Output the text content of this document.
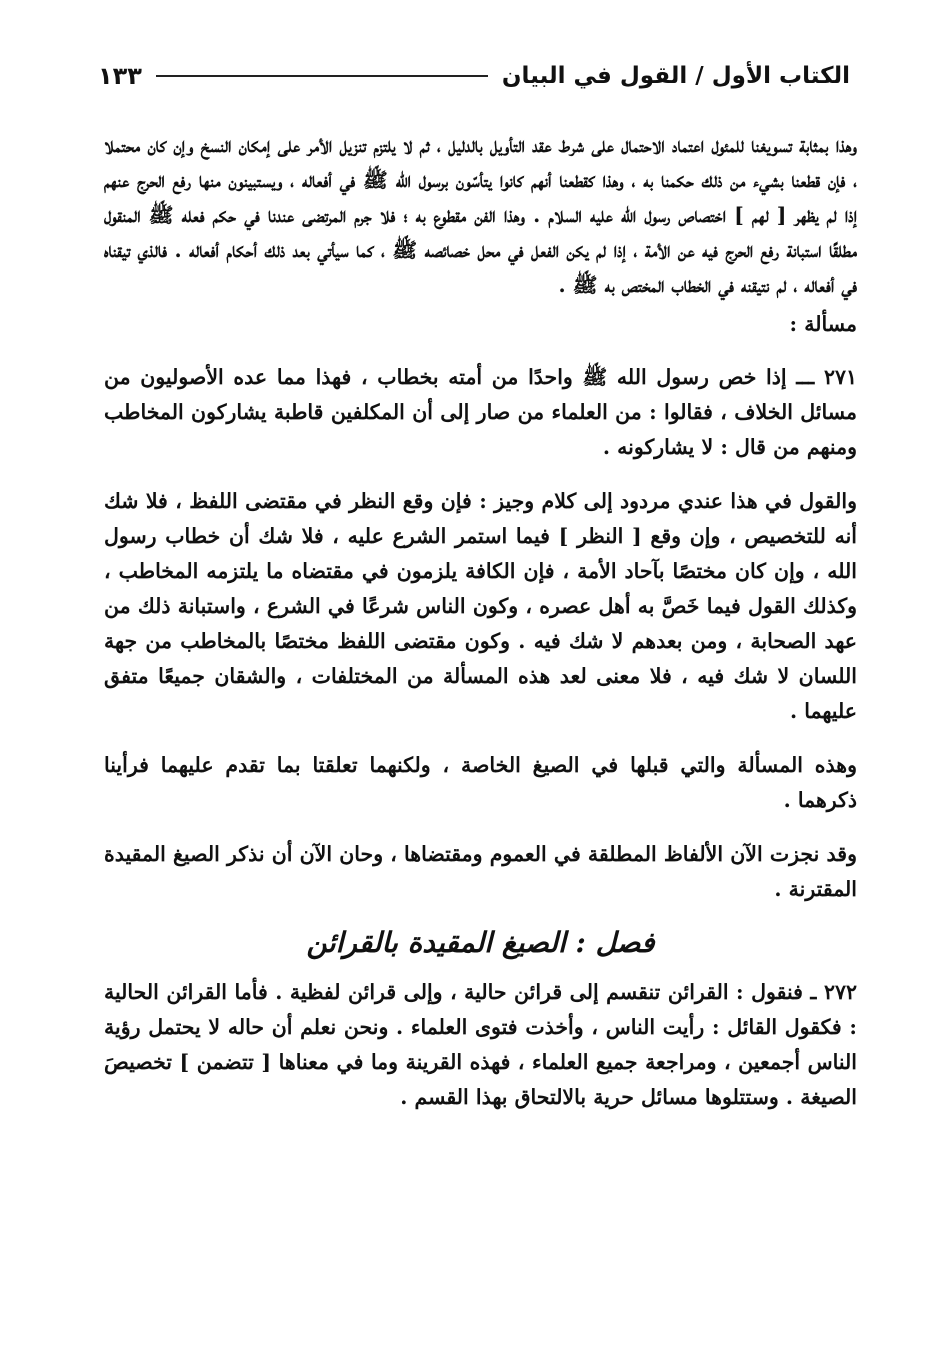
الكتاب الأول / القول في البيان
١٣٣

وهذا بمثابة تسويغنا للمئول اعتماد الاحتمال على شرط عقد التأويل بالدليل ، ثم لا يلتزم تنزيل الأمر على إمكان النسخ وإن كان محتملا ، فإن قطعنا بشيء من ذلك حكمنا به ، وهذا كقطعنا أنهم كانوا يتأسّون برسول الله ﷺ في أفعاله ، ويستبينون منها رفع الحرج عنهم إذا لم يظهر [ لهم ] اختصاص رسول الله عليه السلام . وهذا الفن مقطوع به ؛ فلا جرم المرتضى عندنا في حكم فعله ﷺ المنقول مطلقًا استبانة رفع الحرج فيه عن الأمة ، إذا لم يكن الفعل في محل خصائصه ﷺ ، كما سيأتي بعد ذلك أحكام أفعاله . فالذي تيقناه في أفعاله ، لم نتيقنه في الخطاب المختص به ﷺ .

مسألة :

٢٧١ ـــ إذا خص رسول الله ﷺ واحدًا من أمته بخطاب ، فهذا مما عده الأصوليون من مسائل الخلاف ، فقالوا : من العلماء من صار إلى أن المكلفين قاطبة يشاركون المخاطب ومنهم من قال : لا يشاركونه .

والقول في هذا عندي مردود إلى كلام وجيز : فإن وقع النظر في مقتضى اللفظ ، فلا شك أنه للتخصيص ، وإن وقع [ النظر ] فيما استمر الشرع عليه ، فلا شك أن خطاب رسول الله ، وإن كان مختصًا بآحاد الأمة ، فإن الكافة يلزمون في مقتضاه ما يلتزمه المخاطب ، وكذلك القول فيما خَصَّ به أهل عصره ، وكون الناس شرعًا في الشرع ، واستبانة ذلك من عهد الصحابة ، ومن بعدهم لا شك فيه . وكون مقتضى اللفظ مختصًا بالمخاطب من جهة اللسان لا شك فيه ، فلا معنى لعد هذه المسألة من المختلفات ، والشقان جميعًا متفق عليهما .

وهذه المسألة والتي قبلها في الصيغ الخاصة ، ولكنهما تعلقتا بما تقدم عليهما فرأينا ذكرهما .

وقد نجزت الآن الألفاظ المطلقة في العموم ومقتضاها ، وحان الآن أن نذكر الصيغ المقيدة المقترنة .

فصل : الصيغ المقيدة بالقرائن

٢٧٢ ـ فنقول : القرائن تنقسم إلى قرائن حالية ، وإلى قرائن لفظية . فأما القرائن الحالية : فكقول القائل : رأيت الناس ، وأخذت فتوى العلماء . ونحن نعلم أن حاله لا يحتمل رؤية الناس أجمعين ، ومراجعة جميع العلماء ، فهذه القرينة وما في معناها [ تتضمن ] تخصيصَ الصيغة . وستتلوها مسائل حرية بالالتحاق بهذا القسم .
